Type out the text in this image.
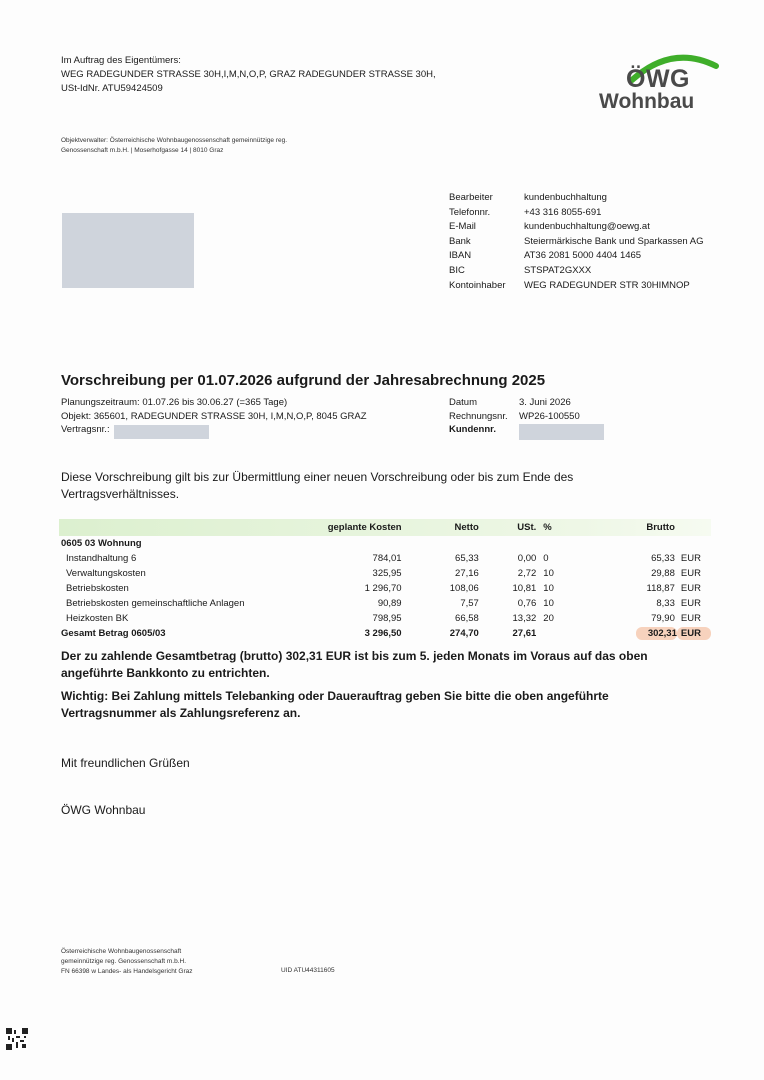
Im Auftrag des Eigentümers:
WEG RADEGUNDER STRASSE 30H,I,M,N,O,P, GRAZ RADEGUNDER STRASSE 30H,
USt-IdNr. ATU59424509
Objektverwalter: Österreichische Wohnbaugenossenschaft gemeinnützige reg.
Genossenschaft m.b.H. | Moserhofgasse 14 | 8010 Graz
ÖWG
Wohnbau
Bearbeiter	kundenbuchhaltung
Telefonnr.	+43 316 8055-691
E-Mail	kundenbuchhaltung@oewg.at
Bank	Steiermärkische Bank und Sparkassen AG
IBAN	AT36 2081 5000 4404 1465
BIC	STSPAT2GXXX
Kontoinhaber	WEG RADEGUNDER STR 30HIMNOP
Vorschreibung per 01.07.2026 aufgrund der Jahresabrechnung 2025
Planungszeitraum: 01.07.26 bis 30.06.27 (=365 Tage)
Objekt: 365601, RADEGUNDER STRASSE 30H, I,M,N,O,P, 8045 GRAZ
Vertragsnr.:
Datum	3. Juni 2026
Rechnungsnr.	WP26-100550
Kundennr.
Diese Vorschreibung gilt bis zur Übermittlung einer neuen Vorschreibung oder bis zum Ende des Vertragsverhältnisses.
	geplante Kosten	Netto	USt.	%	Brutto	
0605 03 Wohnung						
Instandhaltung 6	784,01	65,33	0,00	0	65,33	EUR
Verwaltungskosten	325,95	27,16	2,72	10	29,88	EUR
Betriebskosten	1 296,70	108,06	10,81	10	118,87	EUR
Betriebskosten gemeinschaftliche Anlagen	90,89	7,57	0,76	10	8,33	EUR
Heizkosten BK	798,95	66,58	13,32	20	79,90	EUR
Gesamt Betrag 0605/03	3 296,50	274,70	27,61		302,31	EUR
Der zu zahlende Gesamtbetrag (brutto) 302,31 EUR ist bis zum 5. jeden Monats im Voraus auf das oben angeführte Bankkonto zu entrichten.
Wichtig: Bei Zahlung mittels Telebanking oder Dauerauftrag geben Sie bitte die oben angeführte Vertragsnummer als Zahlungsreferenz an.
Mit freundlichen Grüßen
ÖWG Wohnbau
Österreichische Wohnbaugenossenschaft
gemeinnützige reg. Genossenschaft m.b.H.
FN 66398 w Landes- als Handelsgericht Graz	UID ATU44311605
